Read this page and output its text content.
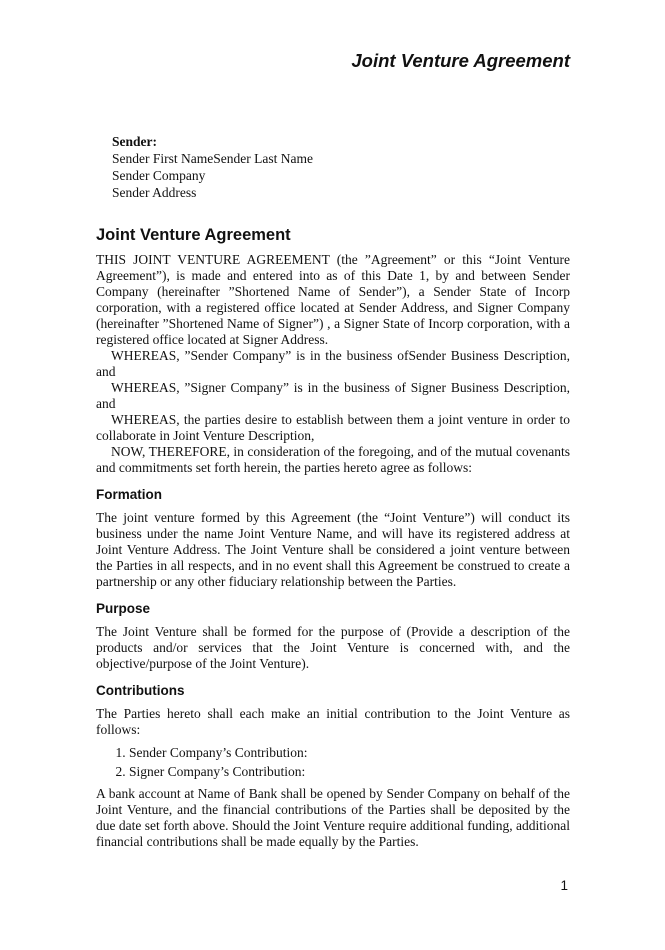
Joint Venture Agreement
Sender:
Sender First NameSender Last Name
Sender Company
Sender Address
Joint Venture Agreement

THIS JOINT VENTURE AGREEMENT (the ”Agreement” or this “Joint Venture Agreement”), is made and entered into as of this Date 1, by and between Sender Company (hereinafter ”Shortened Name of Sender”), a Sender State of Incorp corporation, with a registered office located at Sender Address, and Signer Company (hereinafter ”Shortened Name of Signer”) , a Signer State of Incorp corporation, with a registered office located at Signer Address.

WHEREAS, ”Sender Company” is in the business ofSender Business Description, and

WHEREAS, ”Signer Company” is in the business of Signer Business Description, and

WHEREAS, the parties desire to establish between them a joint venture in order to collaborate in Joint Venture Description,

NOW, THEREFORE, in consideration of the foregoing, and of the mutual covenants and commitments set forth herein, the parties hereto agree as follows:

Formation

The joint venture formed by this Agreement (the “Joint Venture”) will conduct its business under the name Joint Venture Name, and will have its registered address at Joint Venture Address. The Joint Venture shall be considered a joint venture between the Parties in all respects, and in no event shall this Agreement be construed to create a partnership or any other fiduciary relationship between the Parties.

Purpose

The Joint Venture shall be formed for the purpose of (Provide a description of the products and/or services that the Joint Venture is concerned with, and the objective/purpose of the Joint Venture).

Contributions

The Parties hereto shall each make an initial contribution to the Joint Venture as follows:

1. Sender Company’s Contribution:
2. Signer Company’s Contribution:

A bank account at Name of Bank shall be opened by Sender Company on behalf of the Joint Venture, and the financial contributions of the Parties shall be deposited by the due date set forth above. Should the Joint Venture require additional funding, additional financial contributions shall be made equally by the Parties.

1
